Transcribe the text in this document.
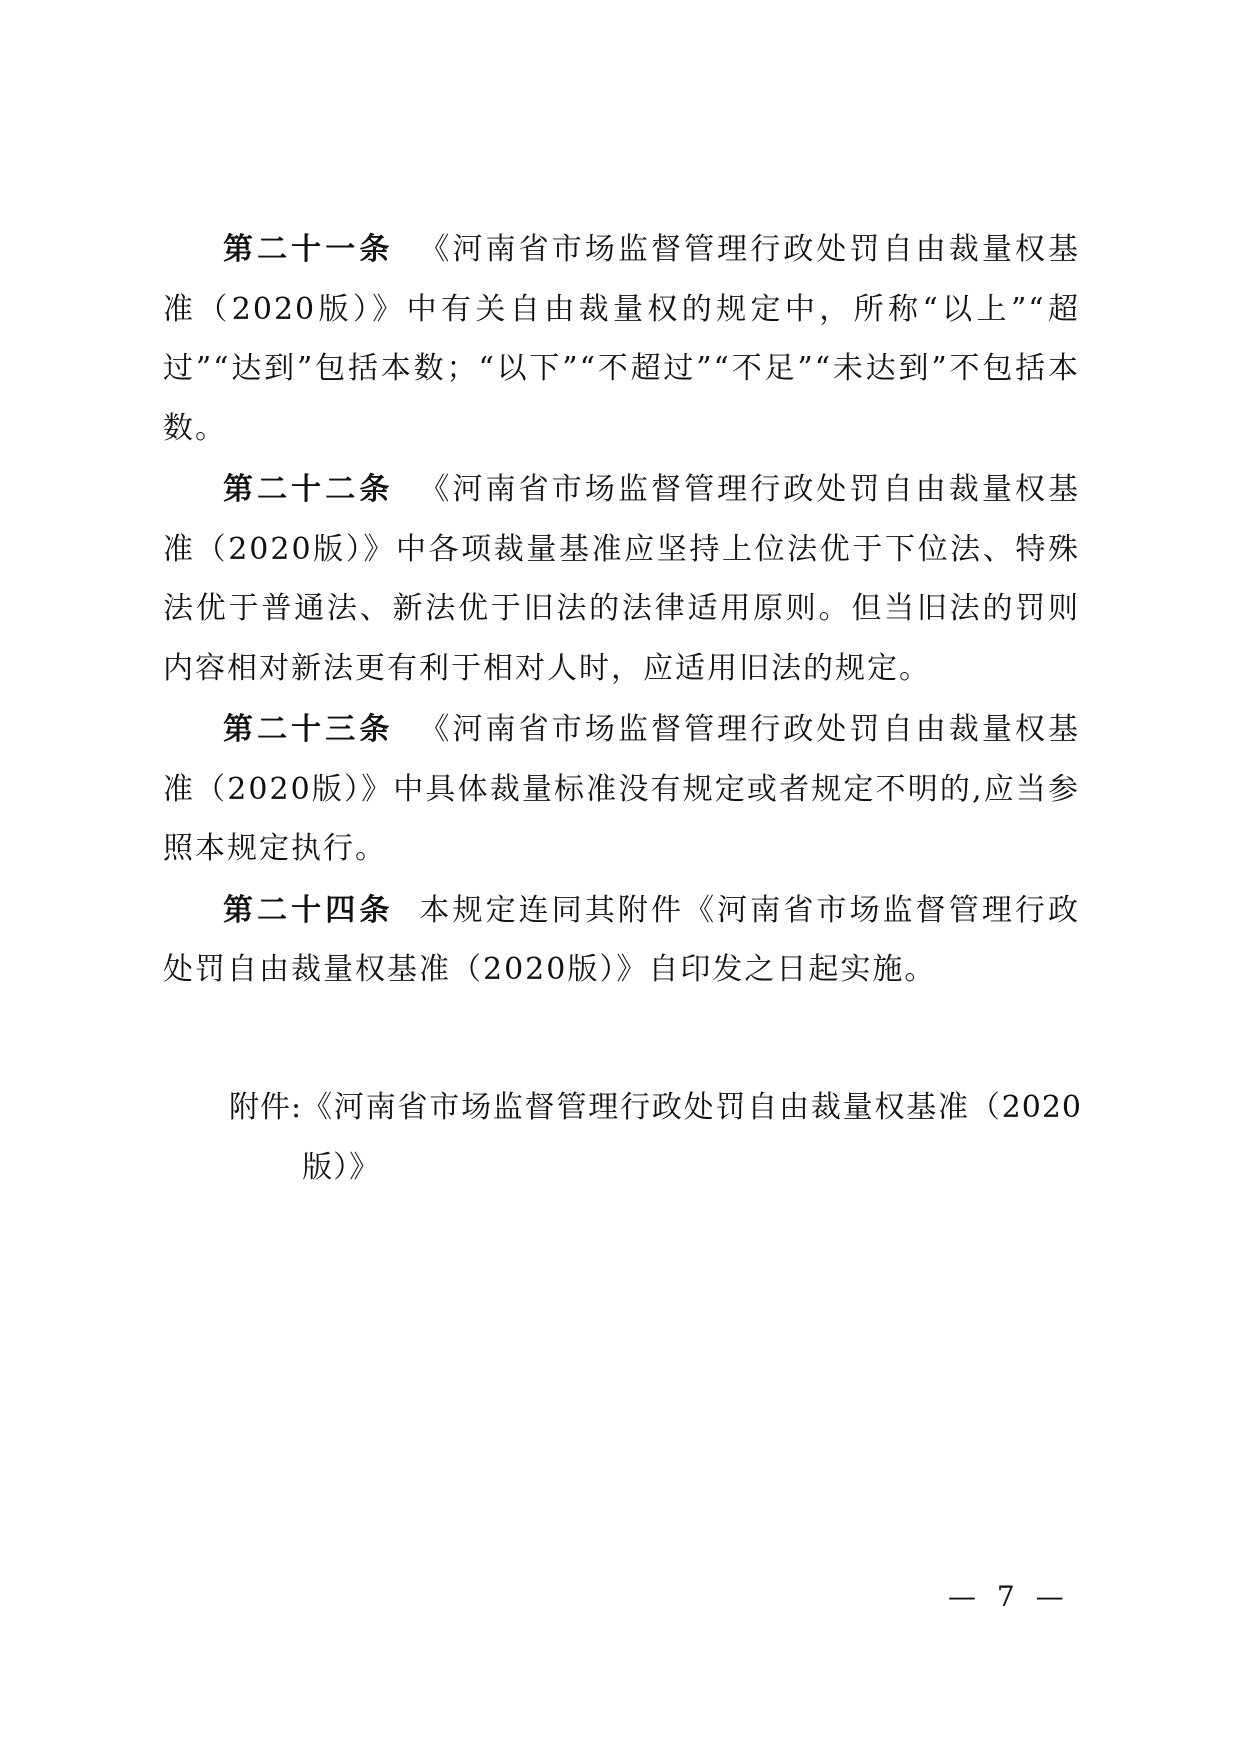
第二十一条 《河南省市场监督管理行政处罚自由裁量权基准（2020版）》中有关自由裁量权的规定中，所称“以上”“超过”“达到”包括本数；“以下”“不超过”“不足”“未达到”不包括本数。

第二十二条 《河南省市场监督管理行政处罚自由裁量权基准（2020版）》中各项裁量基准应坚持上位法优于下位法、特殊法优于普通法、新法优于旧法的法律适用原则。但当旧法的罚则内容相对新法更有利于相对人时，应适用旧法的规定。

第二十三条 《河南省市场监督管理行政处罚自由裁量权基准（2020版）》中具体裁量标准没有规定或者规定不明的,应当参照本规定执行。

第二十四条 本规定连同其附件《河南省市场监督管理行政处罚自由裁量权基准（2020版）》自印发之日起实施。

附件: 《河南省市场监督管理行政处罚自由裁量权基准（2020版）》
— 7 —
